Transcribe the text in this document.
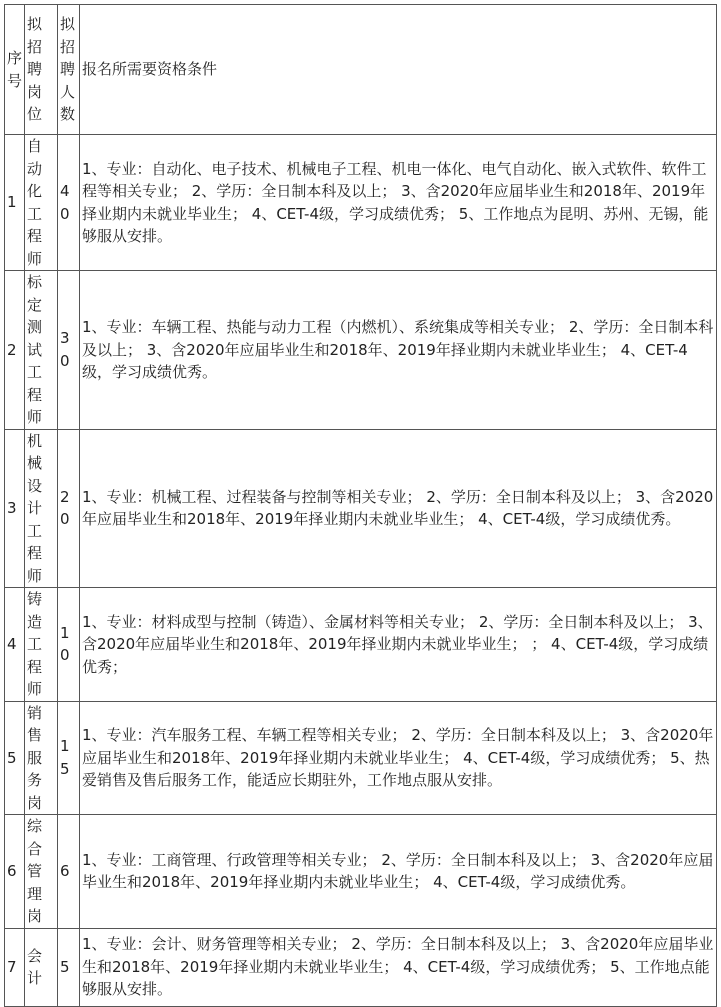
序号	拟招聘岗位	拟招聘人数	报名所需要资格条件
1	自动化工程师	40	1、专业：自动化、电子技术、机械电子工程、机电一体化、电气自动化、嵌入式软件、软件工程等相关专业； 2、学历：全日制本科及以上； 3、含2020年应届毕业生和2018年、2019年择业期内未就业毕业生； 4、CET-4级，学习成绩优秀； 5、工作地点为昆明、苏州、无锡，能够服从安排。
2	标定测试工程师	30	1、专业：车辆工程、热能与动力工程（内燃机）、系统集成等相关专业； 2、学历：全日制本科及以上； 3、含2020年应届毕业生和2018年、2019年择业期内未就业毕业生； 4、CET-4级，学习成绩优秀。
3	机械设计工程师	20	1、专业：机械工程、过程装备与控制等相关专业； 2、学历：全日制本科及以上； 3、含2020年应届毕业生和2018年、2019年择业期内未就业毕业生； 4、CET-4级，学习成绩优秀。
4	铸造工程师	10	1、专业：材料成型与控制（铸造）、金属材料等相关专业； 2、学历：全日制本科及以上； 3、含2020年应届毕业生和2018年、2019年择业期内未就业毕业生； ； 4、CET-4级，学习成绩优秀；
5	销售服务岗	15	1、专业：汽车服务工程、车辆工程等相关专业； 2、学历：全日制本科及以上； 3、含2020年应届毕业生和2018年、2019年择业期内未就业毕业生； 4、CET-4级，学习成绩优秀； 5、热爱销售及售后服务工作，能适应长期驻外，工作地点服从安排。
6	综合管理岗	6	1、专业：工商管理、行政管理等相关专业； 2、学历：全日制本科及以上； 3、含2020年应届毕业生和2018年、2019年择业期内未就业毕业生； 4、CET-4级，学习成绩优秀。
7	会计	5	1、专业：会计、财务管理等相关专业； 2、学历：全日制本科及以上； 3、含2020年应届毕业生和2018年、2019年择业期内未就业毕业生； 4、CET-4级，学习成绩优秀； 5、工作地点能够服从安排。
